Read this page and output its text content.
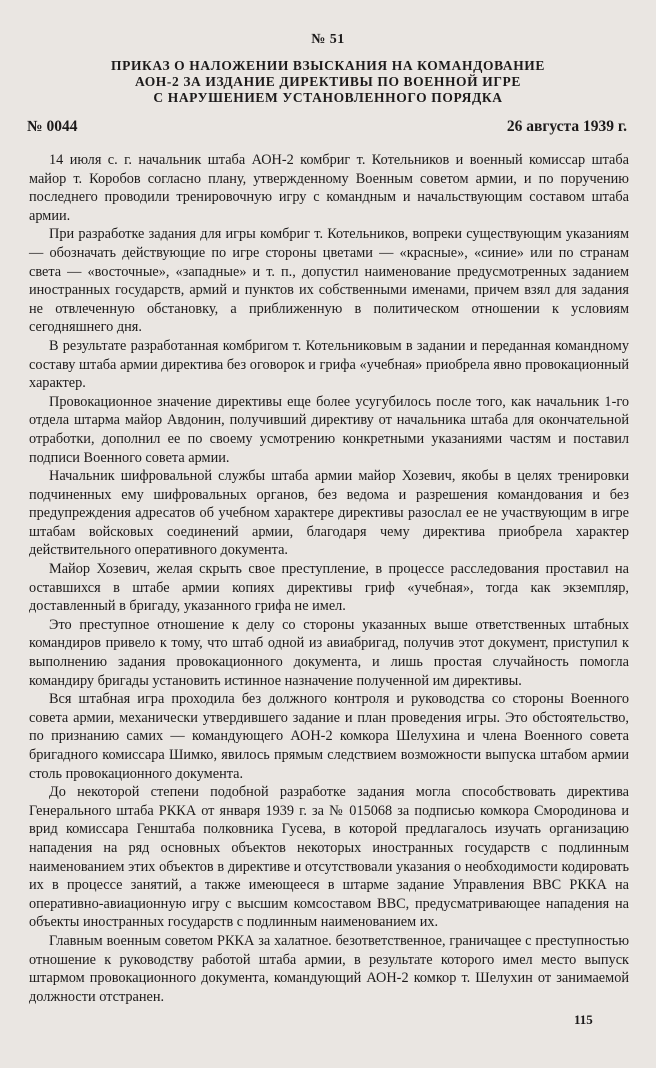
№ 51
ПРИКАЗ О НАЛОЖЕНИИ ВЗЫСКАНИЯ НА КОМАНДОВАНИЕ
АОН-2 ЗА ИЗДАНИЕ ДИРЕКТИВЫ ПО ВОЕННОЙ ИГРЕ
С НАРУШЕНИЕМ УСТАНОВЛЕННОГО ПОРЯДКА
№ 0044	26 августа 1939 г.

14 июля с. г. начальник штаба АОН-2 комбриг т. Котельников и военный комиссар штаба майор т. Коробов согласно плану, утвержденному Военным советом армии, и по поручению последнего проводили тренировочную игру с командным и начальствующим составом штаба армии.

При разработке задания для игры комбриг т. Котельников, вопреки существующим указаниям — обозначать действующие по игре стороны цветами — «красные», «синие» или по странам света — «восточные», «западные» и т. п., допустил наименование предусмотренных заданием иностранных государств, армий и пунктов их собственными именами, причем взял для задания не отвлеченную обстановку, а приближенную в политическом отношении к условиям сегодняшнего дня.

В результате разработанная комбригом т. Котельниковым в задании и переданная командному составу штаба армии директива без оговорок и грифа «учебная» приобрела явно провокационный характер.

Провокационное значение директивы еще более усугубилось после того, как начальник 1-го отдела штарма майор Авдонин, получивший директиву от начальника штаба для окончательной отработки, дополнил ее по своему усмотрению конкретными указаниями частям и поставил подписи Военного совета армии.

Начальник шифровальной службы штаба армии майор Хозевич, якобы в целях тренировки подчиненных ему шифровальных органов, без ведома и разрешения командования и без предупреждения адресатов об учебном характере директивы разослал ее не участвующим в игре штабам войсковых соединений армии, благодаря чему директива приобрела характер действительного оперативного документа.

Майор Хозевич, желая скрыть свое преступление, в процессе расследования проставил на оставшихся в штабе армии копиях директивы гриф «учебная», тогда как экземпляр, доставленный в бригаду, указанного грифа не имел.

Это преступное отношение к делу со стороны указанных выше ответственных штабных командиров привело к тому, что штаб одной из авиабригад, получив этот документ, приступил к выполнению задания провокационного документа, и лишь простая случайность помогла командиру бригады установить истинное назначение полученной им директивы.

Вся штабная игра проходила без должного контроля и руководства со стороны Военного совета армии, механически утвердившего задание и план проведения игры. Это обстоятельство, по признанию самих — командующего АОН-2 комкора Шелухина и члена Военного совета бригадного комиссара Шимко, явилось прямым следствием возможности выпуска штабом армии столь провокационного документа.

До некоторой степени подобной разработке задания могла способствовать директива Генерального штаба РККА от января 1939 г. за № 015068 за подписью комкора Смородинова и врид комиссара Генштаба полковника Гусева, в которой предлагалось изучать организацию нападения на ряд основных объектов некоторых иностранных государств с подлинным наименованием этих объектов в директиве и отсутствовали указания о необходимости кодировать их в процессе занятий, а также имеющееся в штарме задание Управления ВВС РККА на оперативно-авиационную игру с высшим комсоставом ВВС, предусматривающее нападения на объекты иностранных государств с подлинным наименованием их.

Главным военным советом РККА за халатное. безответственное, граничащее с преступностью отношение к руководству работой штаба армии, в результате которого имел место выпуск штармом провокационного документа, командующий АОН-2 комкор т. Шелухин от занимаемой должности отстранен.

115
